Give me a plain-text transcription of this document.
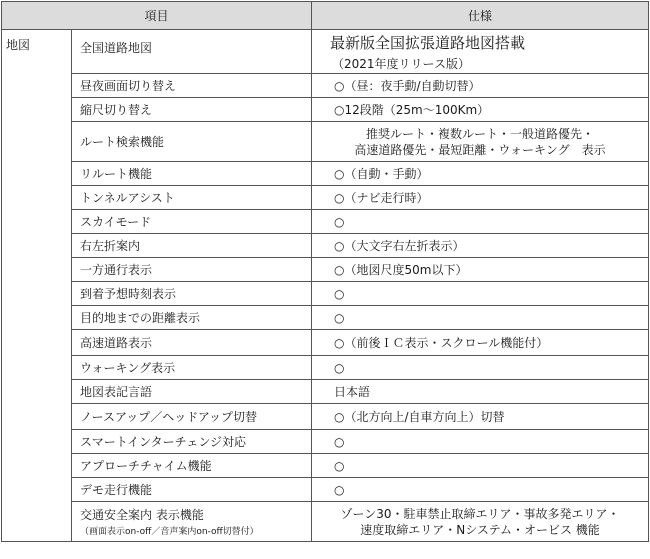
項目		仕様
地図	全国道路地図	最新版全国拡張道路地図搭載
（2021年度リリース版）

	昼夜画面切り替え	○（昼：夜手動/自動切替）
	縮尺切り替え	○12段階（25m〜100Km）
	ルート検索機能	推奨ルート・複数ルート・一般道路優先・
高速道路優先・最短距離・ウォーキング　表示

	リルート機能	○（自動・手動）
	トンネルアシスト	○（ナビ走行時）
	スカイモード	○
	右左折案内	○（大文字右左折表示）
	一方通行表示	○（地図尺度50m以下）
	到着予想時刻表示	○
	目的地までの距離表示	○
	高速道路表示	○（前後ＩＣ表示・スクロール機能付）
	ウォーキング表示	○
	地図表記言語	日本語
	ノースアップ／ヘッドアップ切替	○（北方向上/自車方向上）切替
	スマートインターチェンジ対応	○
	アプローチチャイム機能	○
	デモ走行機能	○

	交通安全案内 表示機能
（画面表示on-off／音声案内on-off切替付）	ゾーン30・駐車禁止取締エリア・事故多発エリア・
速度取締エリア・Nシステム・オービス 機能
